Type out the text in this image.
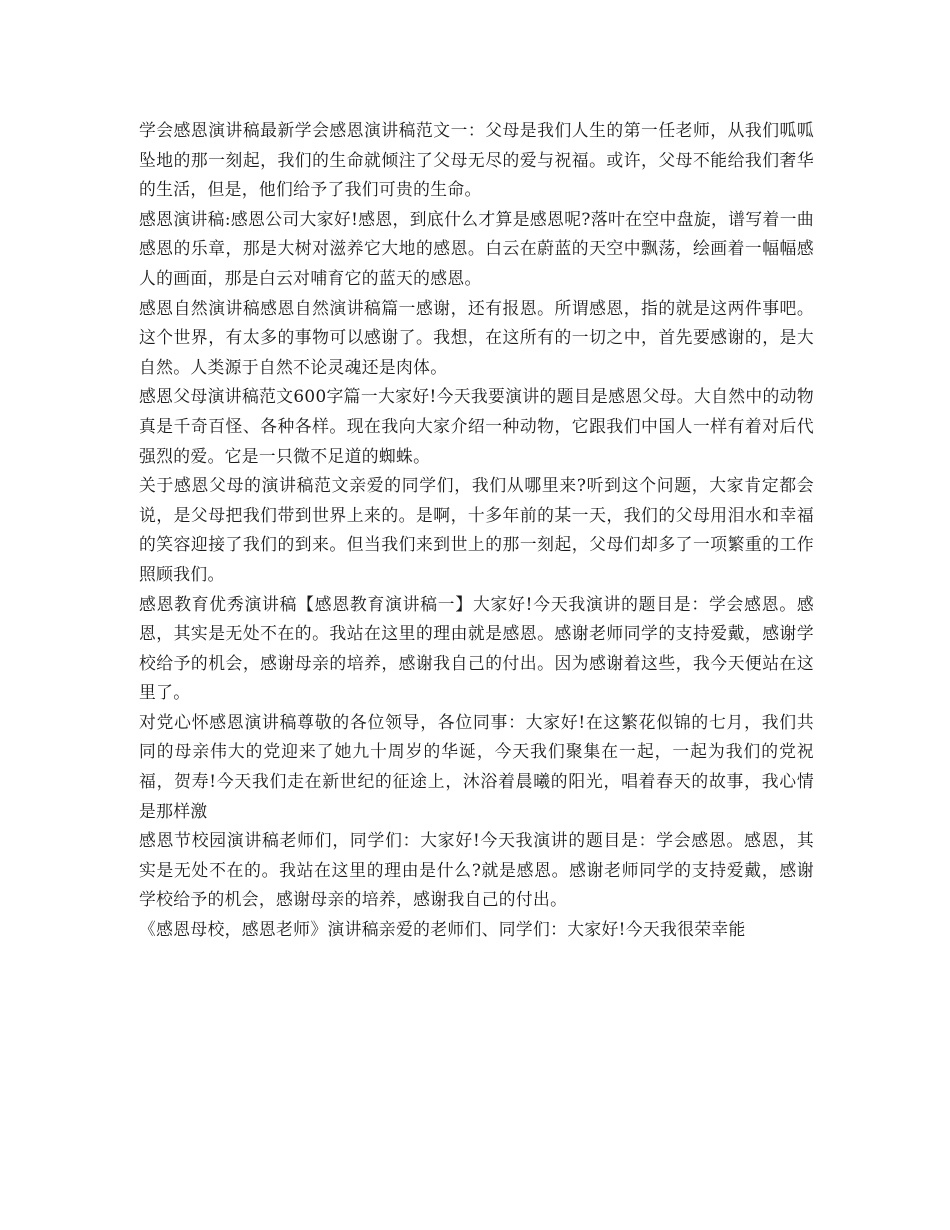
学会感恩演讲稿最新学会感恩演讲稿范文一：父母是我们人生的第一任老师，从我们呱呱坠地的那一刻起，我们的生命就倾注了父母无尽的爱与祝福。或许，父母不能给我们奢华的生活，但是，他们给予了我们可贵的生命。

感恩演讲稿:感恩公司大家好!感恩，到底什么才算是感恩呢?落叶在空中盘旋，谱写着一曲感恩的乐章，那是大树对滋养它大地的感恩。白云在蔚蓝的天空中飘荡，绘画着一幅幅感人的画面，那是白云对哺育它的蓝天的感恩。

感恩自然演讲稿感恩自然演讲稿篇一感谢，还有报恩。所谓感恩，指的就是这两件事吧。这个世界，有太多的事物可以感谢了。我想，在这所有的一切之中，首先要感谢的，是大自然。人类源于自然不论灵魂还是肉体。

感恩父母演讲稿范文600字篇一大家好!今天我要演讲的题目是感恩父母。大自然中的动物真是千奇百怪、各种各样。现在我向大家介绍一种动物，它跟我们中国人一样有着对后代强烈的爱。它是一只微不足道的蜘蛛。

关于感恩父母的演讲稿范文亲爱的同学们，我们从哪里来?听到这个问题，大家肯定都会说，是父母把我们带到世界上来的。是啊，十多年前的某一天，我们的父母用泪水和幸福的笑容迎接了我们的到来。但当我们来到世上的那一刻起，父母们却多了一项繁重的工作照顾我们。

感恩教育优秀演讲稿【感恩教育演讲稿一】大家好!今天我演讲的题目是：学会感恩。感恩，其实是无处不在的。我站在这里的理由就是感恩。感谢老师同学的支持爱戴，感谢学校给予的机会，感谢母亲的培养，感谢我自己的付出。因为感谢着这些，我今天便站在这里了。

对党心怀感恩演讲稿尊敬的各位领导，各位同事：大家好!在这繁花似锦的七月，我们共同的母亲伟大的党迎来了她九十周岁的华诞，今天我们聚集在一起，一起为我们的党祝福，贺寿!今天我们走在新世纪的征途上，沐浴着晨曦的阳光，唱着春天的故事，我心情是那样激

感恩节校园演讲稿老师们，同学们：大家好!今天我演讲的题目是：学会感恩。感恩，其实是无处不在的。我站在这里的理由是什么?就是感恩。感谢老师同学的支持爱戴，感谢学校给予的机会，感谢母亲的培养，感谢我自己的付出。

《感恩母校，感恩老师》演讲稿亲爱的老师们、同学们：大家好!今天我很荣幸能
